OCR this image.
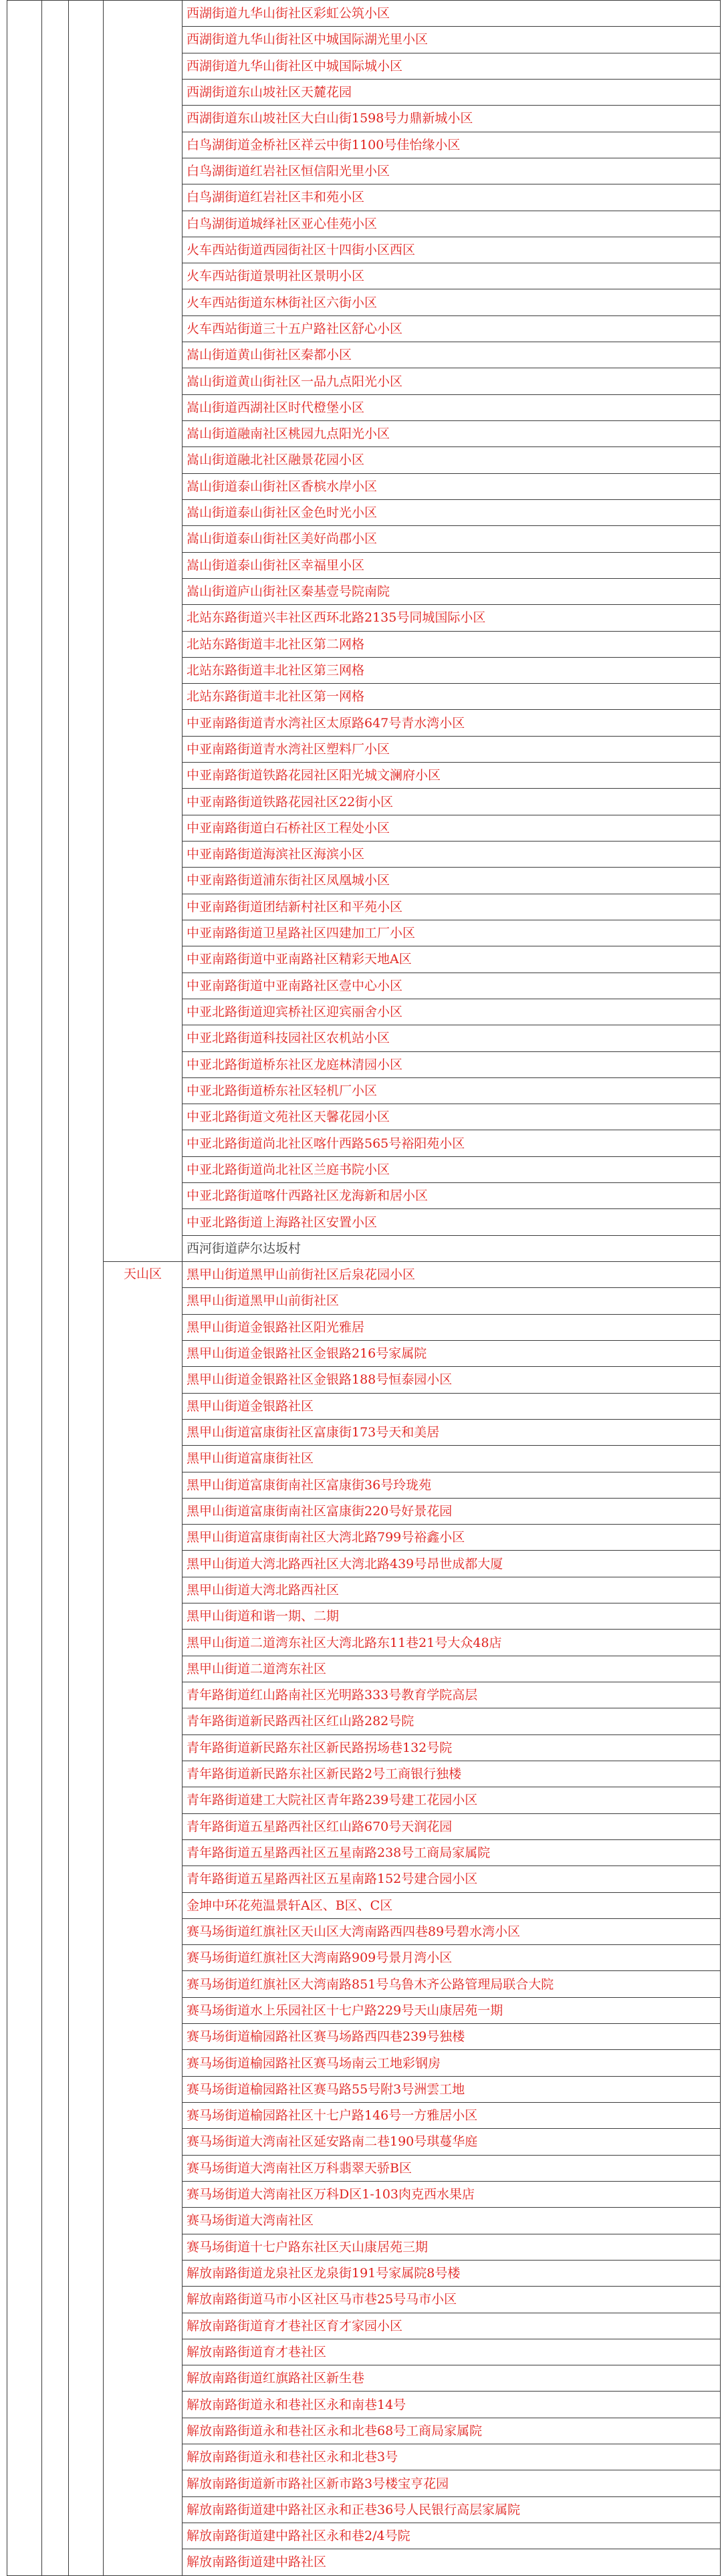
				西湖街道九华山街社区彩虹公筑小区
				西湖街道九华山街社区中城国际湖光里小区
				西湖街道九华山街社区中城国际城小区
				西湖街道东山坡社区天麓花园
				西湖街道东山坡社区大白山街1598号力鼎新城小区
				白鸟湖街道金桥社区祥云中街1100号佳怡缘小区
				白鸟湖街道红岩社区恒信阳光里小区
				白鸟湖街道红岩社区丰和苑小区
				白鸟湖街道城绎社区亚心佳苑小区
				火车西站街道西园街社区十四街小区西区
				火车西站街道景明社区景明小区
				火车西站街道东林街社区六街小区
				火车西站街道三十五户路社区舒心小区
				嵩山街道黄山街社区秦都小区
				嵩山街道黄山街社区一品九点阳光小区
				嵩山街道西湖社区时代橙堡小区
				嵩山街道融南社区桃园九点阳光小区
				嵩山街道融北社区融景花园小区
				嵩山街道泰山街社区香槟水岸小区
				嵩山街道泰山街社区金色时光小区
				嵩山街道泰山街社区美好尚郡小区
				嵩山街道泰山街社区幸福里小区
				嵩山街道庐山街社区秦基壹号院南院
				北站东路街道兴丰社区西环北路2135号同城国际小区
				北站东路街道丰北社区第二网格
				北站东路街道丰北社区第三网格
				北站东路街道丰北社区第一网格
				中亚南路街道青水湾社区太原路647号青水湾小区
				中亚南路街道青水湾社区塑料厂小区
				中亚南路街道铁路花园社区阳光城文澜府小区
				中亚南路街道铁路花园社区22街小区
				中亚南路街道白石桥社区工程处小区
				中亚南路街道海滨社区海滨小区
				中亚南路街道浦东街社区凤凰城小区
				中亚南路街道团结新村社区和平苑小区
				中亚南路街道卫星路社区四建加工厂小区
				中亚南路街道中亚南路社区精彩天地A区
				中亚南路街道中亚南路社区壹中心小区
				中亚北路街道迎宾桥社区迎宾丽舍小区
				中亚北路街道科技园社区农机站小区
				中亚北路街道桥东社区龙庭林清园小区
				中亚北路街道桥东社区轻机厂小区
				中亚北路街道文苑社区天馨花园小区
				中亚北路街道尚北社区喀什西路565号裕阳苑小区
				中亚北路街道尚北社区兰庭书院小区
				中亚北路街道喀什西路社区龙海新和居小区
				中亚北路街道上海路社区安置小区
				西河街道萨尔达坂村
			天山区	黑甲山街道黑甲山前街社区后泉花园小区
				黑甲山街道黑甲山前街社区
				黑甲山街道金银路社区阳光雅居
				黑甲山街道金银路社区金银路216号家属院
				黑甲山街道金银路社区金银路188号恒泰园小区
				黑甲山街道金银路社区
				黑甲山街道富康街社区富康街173号天和美居
				黑甲山街道富康街社区
				黑甲山街道富康街南社区富康街36号玲珑苑
				黑甲山街道富康街南社区富康街220号好景花园
				黑甲山街道富康街南社区大湾北路799号裕鑫小区
				黑甲山街道大湾北路西社区大湾北路439号昂世成都大厦
				黑甲山街道大湾北路西社区
				黑甲山街道和谐一期、二期
				黑甲山街道二道湾东社区大湾北路东11巷21号大众48店
				黑甲山街道二道湾东社区
				青年路街道红山路南社区光明路333号教育学院高层
				青年路街道新民路西社区红山路282号院
				青年路街道新民路东社区新民路拐场巷132号院
				青年路街道新民路东社区新民路2号工商银行独楼
				青年路街道建工大院社区青年路239号建工花园小区
				青年路街道五星路西社区红山路670号天润花园
				青年路街道五星路西社区五星南路238号工商局家属院
				青年路街道五星路西社区五星南路152号建合园小区
				金坤中环花苑温景轩A区、B区、C区
				赛马场街道红旗社区天山区大湾南路西四巷89号碧水湾小区
				赛马场街道红旗社区大湾南路909号景月湾小区
				赛马场街道红旗社区大湾南路851号乌鲁木齐公路管理局联合大院
				赛马场街道水上乐园社区十七户路229号天山康居苑一期
				赛马场街道榆园路社区赛马场路西四巷239号独楼
				赛马场街道榆园路社区赛马场南云工地彩钢房
				赛马场街道榆园路社区赛马路55号附3号洲雲工地
				赛马场街道榆园路社区十七户路146号一方雅居小区
				赛马场街道大湾南社区延安路南二巷190号琪蔓华庭
				赛马场街道大湾南社区万科翡翠天骄B区
				赛马场街道大湾南社区万科D区1-103肉克西水果店
				赛马场街道大湾南社区
				赛马场街道十七户路东社区天山康居苑三期
				解放南路街道龙泉社区龙泉街191号家属院8号楼
				解放南路街道马市小区社区马市巷25号马市小区
				解放南路街道育才巷社区育才家园小区
				解放南路街道育才巷社区
				解放南路街道红旗路社区新生巷
				解放南路街道永和巷社区永和南巷14号
				解放南路街道永和巷社区永和北巷68号工商局家属院
				解放南路街道永和巷社区永和北巷3号
				解放南路街道新市路社区新市路3号楼宝亨花园
				解放南路街道建中路社区永和正巷36号人民银行高层家属院
				解放南路街道建中路社区永和巷2/4号院
				解放南路街道建中路社区
